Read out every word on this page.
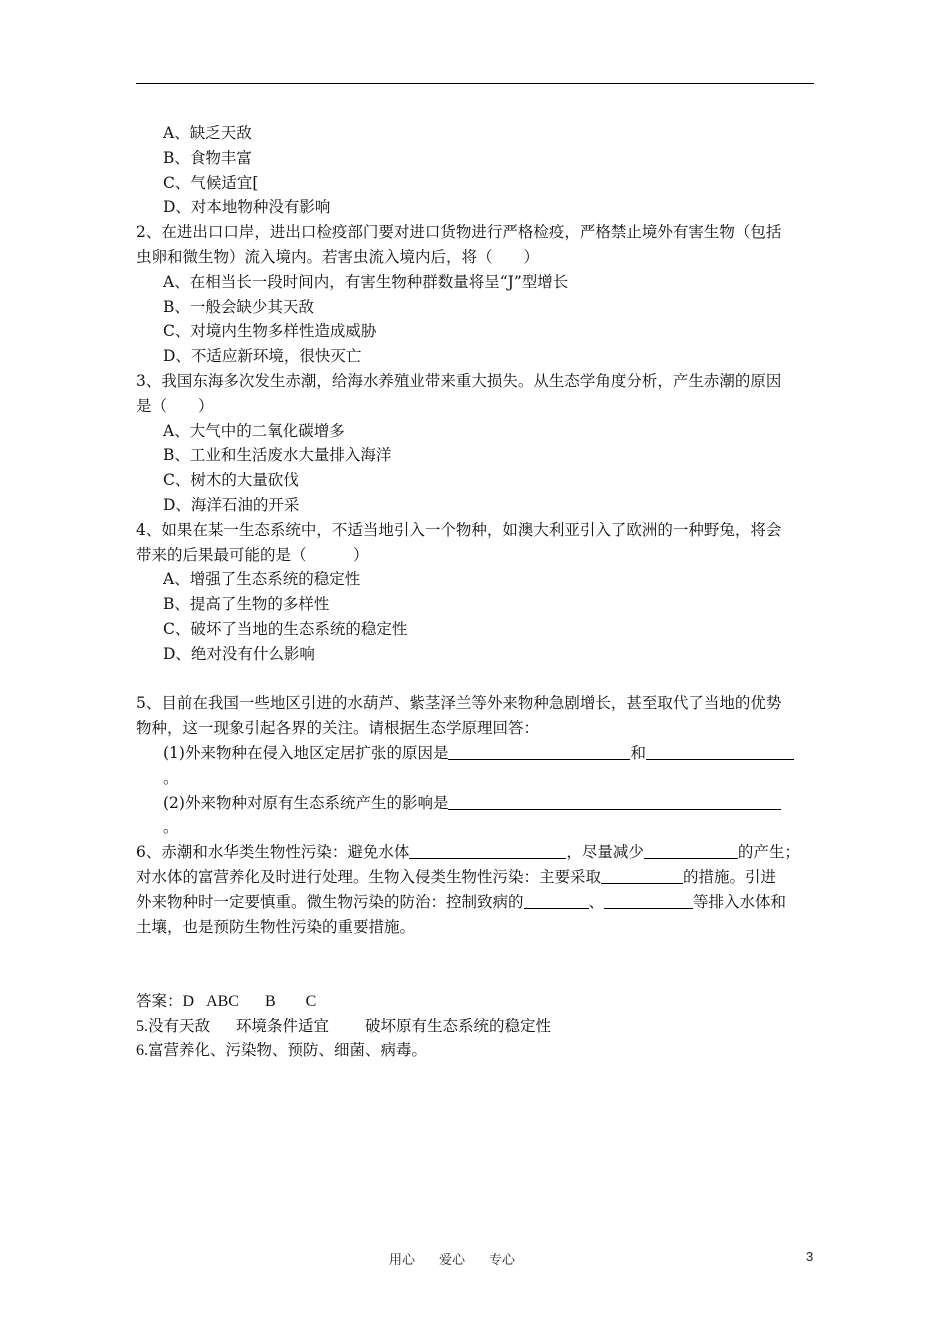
A、缺乏天敌
B、食物丰富
C、气候适宜[
D、对本地物种没有影响
2、在进出口口岸，进出口检疫部门要对进口货物进行严格检疫，严格禁止境外有害生物（包括
虫卵和微生物）流入境内。若害虫流入境内后，将（　　）
A、在相当长一段时间内，有害生物种群数量将呈“J”型增长
B、一般会缺少其天敌
C、对境内生物多样性造成威胁
D、不适应新环境，很快灭亡
3、我国东海多次发生赤潮，给海水养殖业带来重大损失。从生态学角度分析，产生赤潮的原因
是（　　）
A、大气中的二氧化碳增多
B、工业和生活废水大量排入海洋
C、树木的大量砍伐
D、海洋石油的开采
4、如果在某一生态系统中，不适当地引入一个物种，如澳大利亚引入了欧洲的一种野兔，将会
带来的后果最可能的是（　　　）
A、增强了生态系统的稳定性
B、提高了生物的多样性
C、破坏了当地的生态系统的稳定性
D、绝对没有什么影响
5、目前在我国一些地区引进的水葫芦、紫茎泽兰等外来物种急剧增长，甚至取代了当地的优势
物种，这一现象引起各界的关注。请根据生态学原理回答：
(1)外来物种在侵入地区定居扩张的原因是	和
。
(2)外来物种对原有生态系统产生的影响是
。
6、赤潮和水华类生物性污染：避免水体	，尽量减少	的产生；
对水体的富营养化及时进行处理。生物入侵类生物性污染：主要采取	的措施。引进
外来物种时一定要慎重。微生物污染的防治：控制致病的	、	等排入水体和
土壤，也是预防生物性污染的重要措施。
答案：D ABC B C
5.没有天敌 环境条件适宜 破坏原有生态系统的稳定性
6.富营养化、污染物、预防、细菌、病毒。
用心 爱心 专心	3
